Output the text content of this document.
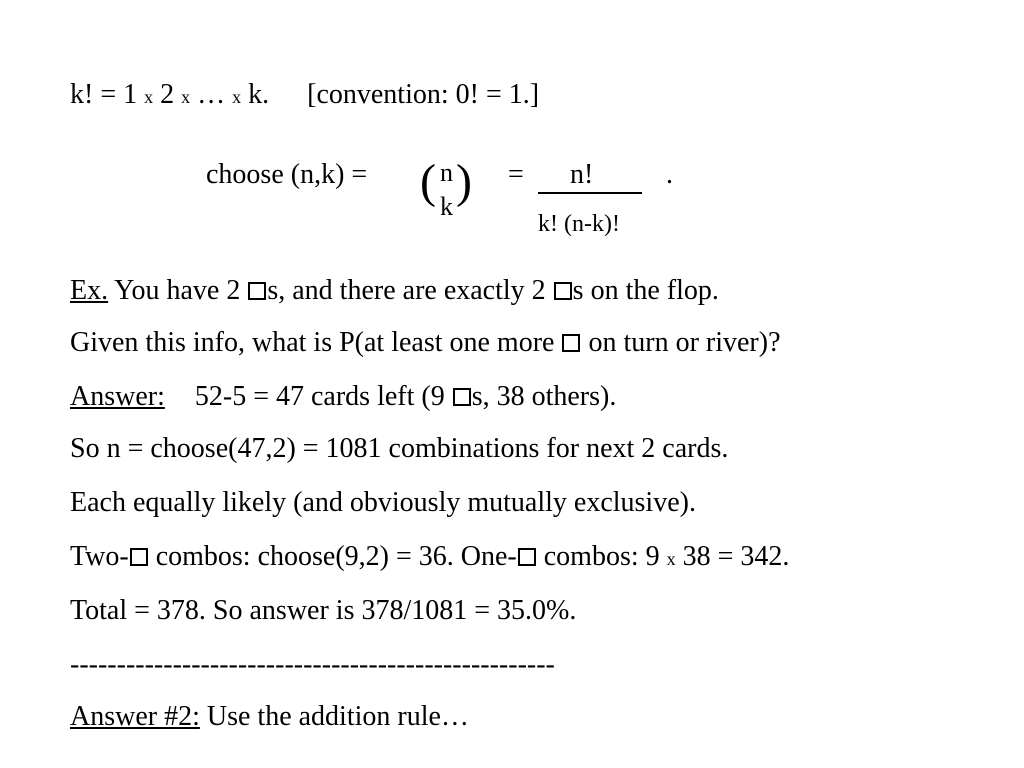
k! = 1 x 2 x … x k. [convention: 0! = 1.]
choose (n,k) = ( n
k ) = n!	.
k! (n-k)!
Ex. You have 2 s, and there are exactly 2 s on the flop.
Given this info, what is P(at least one more on turn or river)?
Answer: 52-5 = 47 cards left (9 s, 38 others).
So n = choose(47,2) = 1081 combinations for next 2 cards.
Each equally likely (and obviously mutually exclusive).
Two- combos: choose(9,2) = 36. One- combos: 9 x 38 = 342.
Total = 378. So answer is 378/1081 = 35.0%.
----------------------------------------------------
Answer #2: Use the addition rule…
